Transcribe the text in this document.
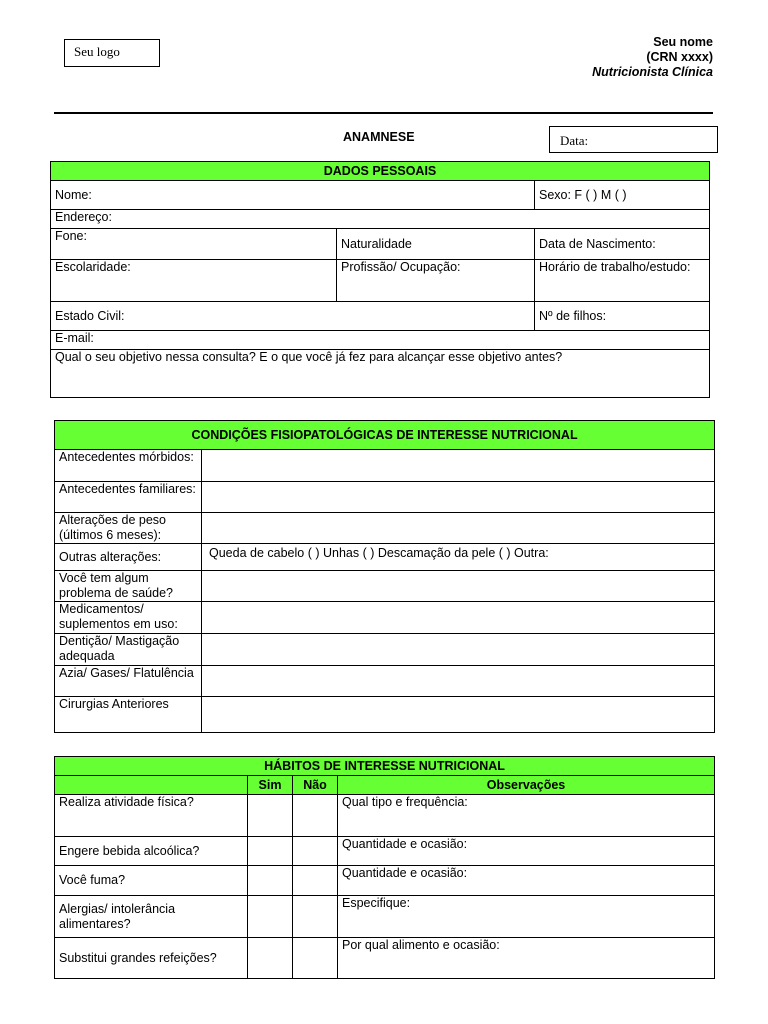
Seu logo
Seu nome
(CRN xxxx)
Nutricionista Clínica
ANAMNESE	Data:
DADOS PESSOAIS		
Nome:		Sexo: F ( ) M ( )
Endereço:		
Fone:	Naturalidade	Data de Nascimento:
Escolaridade:	Profissão/ Ocupação:	Horário de trabalho/estudo:
Estado Civil:		Nº de filhos:
E-mail:		
Qual o seu objetivo nessa consulta? E o que você já fez para alcançar esse objetivo antes?		
CONDIÇÕES FISIOPATOLÓGICAS DE INTERESSE NUTRICIONAL	
Antecedentes mórbidos:	
Antecedentes familiares:	
Alterações de peso (últimos 6 meses):	
Outras alterações:	Queda de cabelo ( ) Unhas ( ) Descamação da pele ( ) Outra:
Você tem algum problema de saúde?	
Medicamentos/ suplementos em uso:	
Dentição/ Mastigação adequada	
Azia/ Gases/ Flatulência	
Cirurgias Anteriores	
HÁBITOS DE INTERESSE NUTRICIONAL			
	Sim	Não	Observações
Realiza atividade física?			Qual tipo e frequência:
Engere bebida alcoólica?			Quantidade e ocasião:
Você fuma?			Quantidade e ocasião:
Alergias/ intolerância alimentares?			Especifique:
Substitui grandes refeições?			Por qual alimento e ocasião:
